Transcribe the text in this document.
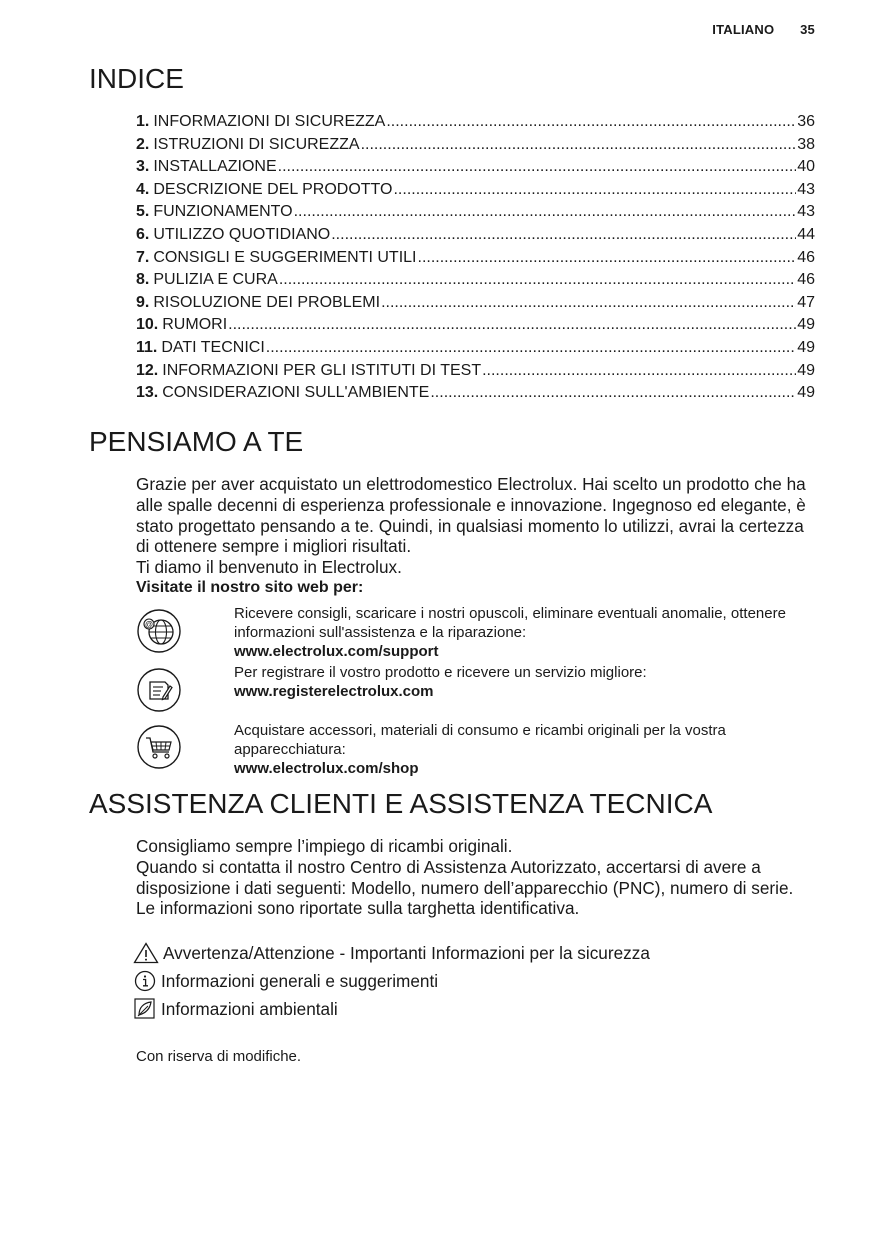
ITALIANO 35
INDICE
1. INFORMAZIONI DI SICUREZZA .....	36
2. ISTRUZIONI DI SICUREZZA .....	38
3. INSTALLAZIONE .....	40
4. DESCRIZIONE DEL PRODOTTO .....	43
5. FUNZIONAMENTO .....	43
6. UTILIZZO QUOTIDIANO .....	44
7. CONSIGLI E SUGGERIMENTI UTILI .....	46
8. PULIZIA E CURA .....	46
9. RISOLUZIONE DEI PROBLEMI .....	47
10. RUMORI .....	49
11. DATI TECNICI .....	49
12. INFORMAZIONI PER GLI ISTITUTI DI TEST .....	49
13. CONSIDERAZIONI SULL'AMBIENTE .....	49
PENSIAMO A TE

Grazie per aver acquistato un elettrodomestico Electrolux. Hai scelto un prodotto che ha alle spalle decenni di esperienza professionale e innovazione. Ingegnoso ed elegante, è stato progettato pensando a te. Quindi, in qualsiasi momento lo utilizzi, avrai la certezza di ottenere sempre i migliori risultati.

Ti diamo il benvenuto in Electrolux.

Visitate il nostro sito web per:

@
Ricevere consigli, scaricare i nostri opuscoli, eliminare eventuali anomalie, ottenere informazioni sull'assistenza e la riparazione:
www.electrolux.com/support
Per registrare il vostro prodotto e ricevere un servizio migliore:
www.registerelectrolux.com
Acquistare accessori, materiali di consumo e ricambi originali per la vostra apparecchiatura:
www.electrolux.com/shop
ASSISTENZA CLIENTI E ASSISTENZA TECNICA

Consigliamo sempre l’impiego di ricambi originali.

Quando si contatta il nostro Centro di Assistenza Autorizzato, accertarsi di avere a disposizione i dati seguenti: Modello, numero dell’apparecchio (PNC), numero di serie.

Le informazioni sono riportate sulla targhetta identificativa.

Avvertenza/Attenzione - Importanti Informazioni per la sicurezza
Informazioni generali e suggerimenti
Informazioni ambientali
Con riserva di modifiche.
